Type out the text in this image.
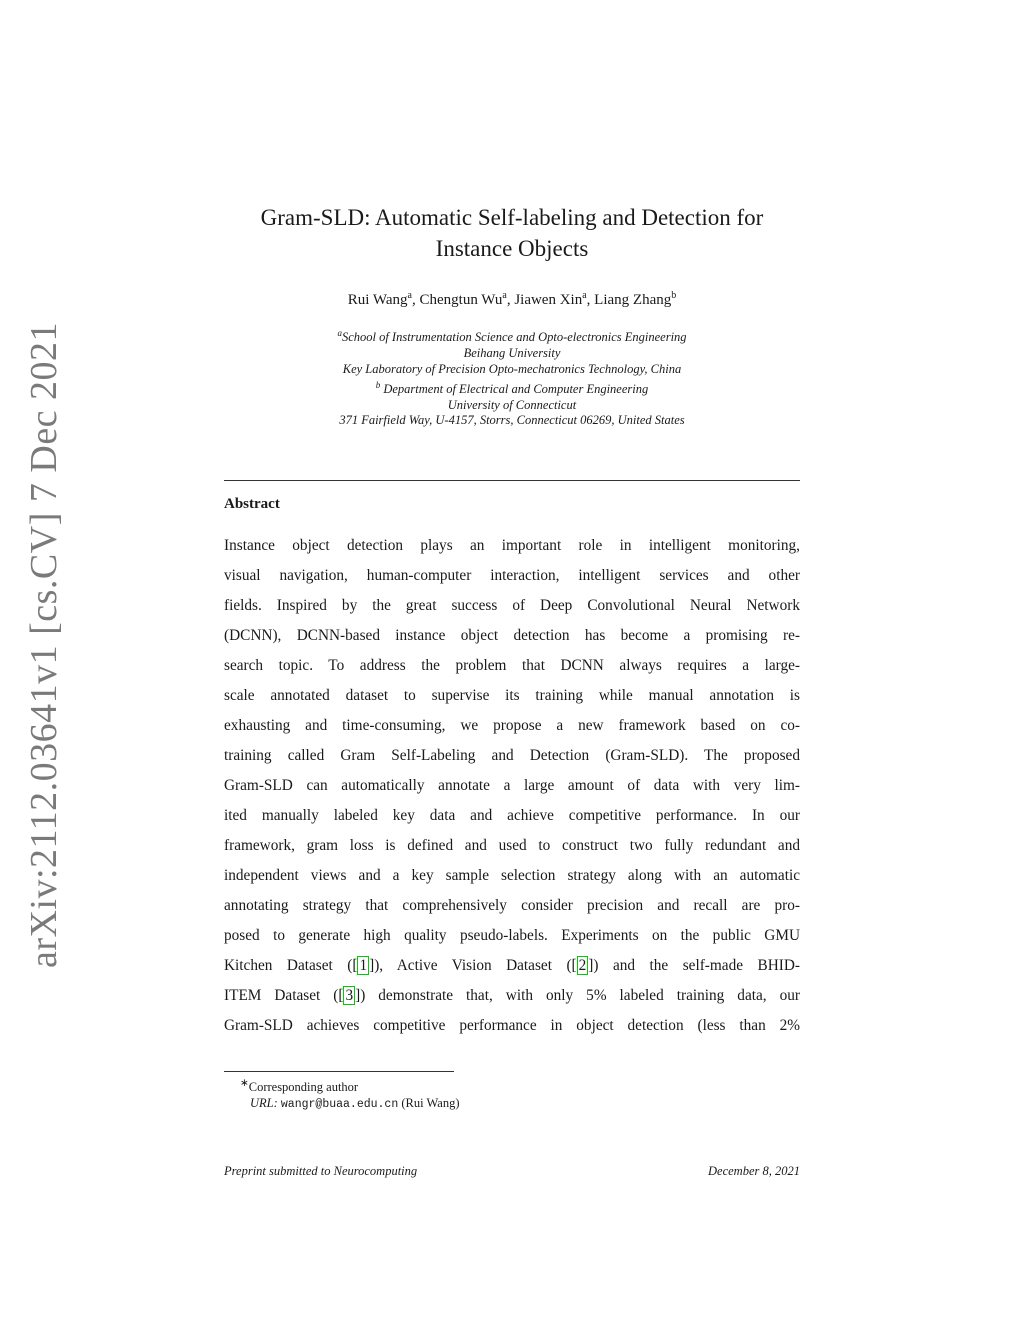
arXiv:2112.03641v1 [cs.CV] 7 Dec 2021
Gram-SLD: Automatic Self-labeling and Detection for
Instance Objects
Rui Wang$^a$, Chengtun Wu$^a$, Jiawen Xin$^a$, Liang Zhang$^b$
$^a$School of Instrumentation Science and Opto-electronics Engineering
Beihang University
Key Laboratory of Precision Opto-mechatronics Technology, China
$^b$ Department of Electrical and Computer Engineering
University of Connecticut
371 Fairfield Way, U-4157, Storrs, Connecticut 06269, United States
Abstract
Instance object detection plays an important role in intelligent monitoring,
visual navigation, human-computer interaction, intelligent services and other
fields. Inspired by the great success of Deep Convolutional Neural Network
(DCNN), DCNN-based instance object detection has become a promising re-
search topic. To address the problem that DCNN always requires a large-
scale annotated dataset to supervise its training while manual annotation is
exhausting and time-consuming, we propose a new framework based on co-
training called Gram Self-Labeling and Detection (Gram-SLD). The proposed
Gram-SLD can automatically annotate a large amount of data with very lim-
ited manually labeled key data and achieve competitive performance. In our
framework, gram loss is defined and used to construct two fully redundant and
independent views and a key sample selection strategy along with an automatic
annotating strategy that comprehensively consider precision and recall are pro-
posed to generate high quality pseudo-labels. Experiments on the public GMU
Kitchen Dataset ([ 1 ]), Active Vision Dataset ([ 2 ]) and the self-made BHID-
ITEM Dataset ([ 3 ]) demonstrate that, with only 5% labeled training data, our
Gram-SLD achieves competitive performance in object detection (less than 2%
∗Corresponding author
URL: wangr@buaa.edu.cn (Rui Wang)
Preprint submitted to Neurocomputing	December 8, 2021
